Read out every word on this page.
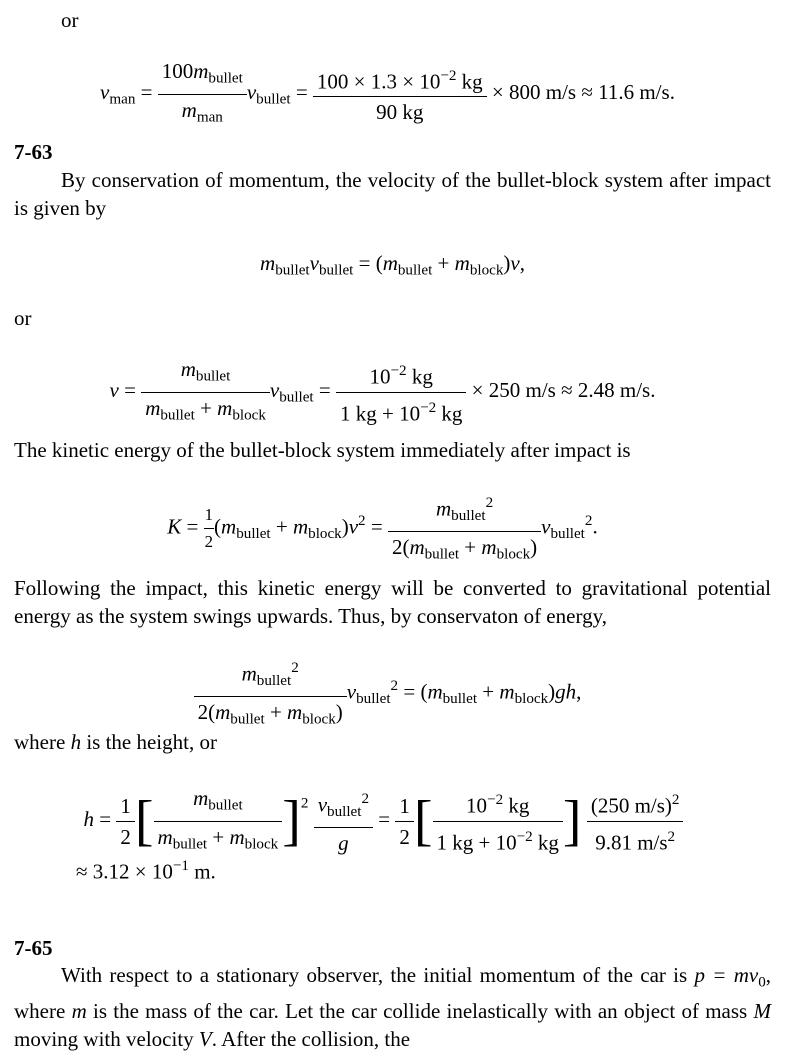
or
$v_{man} = \frac{100m_{bullet}}{m_{man}} v_{bullet} = \frac{100 \times 1.3 \times 10^{-2} kg}{90 kg} \times 800$ m/s ≈ 11.6 m/s.
7-63
By conservation of momentum, the velocity of the bullet-block system after impact is given by
$m_{bullet}v_{bullet} = (m_{bullet} + m_{block})v$,
or
$v = \frac{m_{bullet}}{m_{bullet} + m_{block}} v_{bullet} = \frac{10^{-2} kg}{1 kg + 10^{-2} kg} \times 250$ m/s ≈ 2.48 m/s.
The kinetic energy of the bullet-block system immediately after impact is
$K = \frac{1}{2} (m_{bullet} + m_{block})v^2 = \frac{m_{bullet}^2}{2(m_{bullet} + m_{block})} v_{bullet}^2$.
Following the impact, this kinetic energy will be converted to gravitational potential energy as the system swings upwards. Thus, by conservaton of energy,
$\frac{m_{bullet}^2}{2(m_{bullet} + m_{block})} v_{bullet}^2 = (m_{bullet} + m_{block})gh$,
where h is the height, or
$h = \frac{1}{2}$ [ $\frac{m_{bullet}}{m_{bullet} + m_{block}} ]^2 \frac{v_{bullet}^2}{g} = \frac{1}{2}$ [ $\frac{10^{-2} kg}{1 kg + 10^{-2} kg}$ ] $\frac{(250 m/s)^2}{9.81 m/s^2}$
≈ $3.12 \times 10^{-1}$ m.
7-65
With respect to a stationary observer, the initial momentum of the car is $p = mv_0$, where m is the mass of the car. Let the car collide inelastically with an object of mass M moving with velocity V. After the collision, the
